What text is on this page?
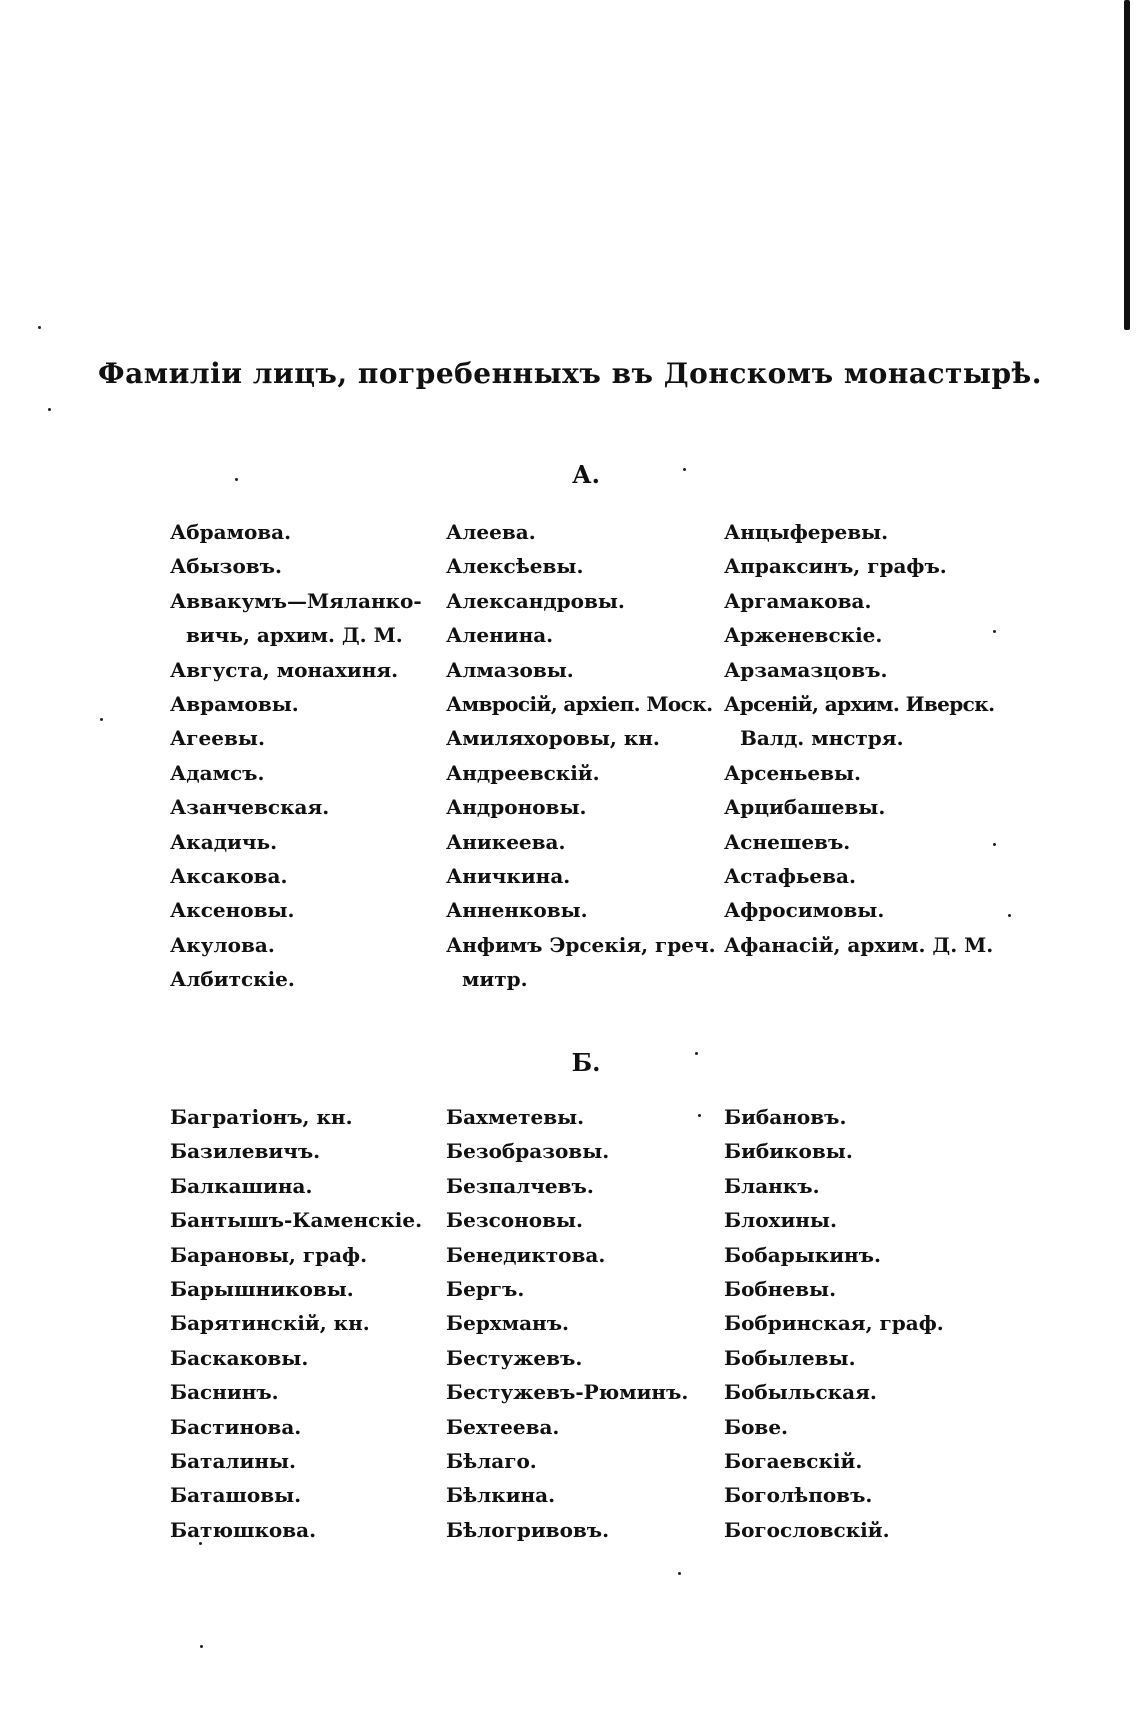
Фамиліи лицъ, погребенныхъ въ Донскомъ монастырѣ.
А.
Абрамова.
Абызовъ.
Аввакумъ—Мяланко-
вичь, архим. Д. М.
Августа, монахиня.
Аврамовы.
Агеевы.
Адамсъ.
Азанчевская.
Акадичь.
Аксакова.
Аксеновы.
Акулова.
Албитскіе.
Алеева.
Алексѣевы.
Александровы.
Аленина.
Алмазовы.
Амвросій, архіеп. Моск.
Амиляхоровы, кн.
Андреевскій.
Андроновы.
Аникеева.
Аничкина.
Анненковы.
Анфимъ Эрсекія, греч.
митр.
Анцыферевы.
Апраксинъ, графъ.
Аргамакова.
Арженевскіе.
Арзамазцовъ.
Арсеній, архим. Иверск.
Валд. мнстря.
Арсеньевы.
Арцибашевы.
Аснешевъ.
Астафьева.
Афросимовы.
Афанасій, архим. Д. М.
Б.
Багратіонъ, кн.
Базилевичъ.
Балкашина.
Бантышъ-Каменскіе.
Барановы, граф.
Барышниковы.
Барятинскій, кн.
Баскаковы.
Баснинъ.
Бастинова.
Баталины.
Баташовы.
Батюшкова.
Бахметевы.
Безобразовы.
Безпалчевъ.
Безсоновы.
Бенедиктова.
Бергъ.
Берхманъ.
Бестужевъ.
Бестужевъ-Рюминъ.
Бехтеева.
Бѣлаго.
Бѣлкина.
Бѣлогривовъ.
Бибановъ.
Бибиковы.
Бланкъ.
Блохины.
Бобарыкинъ.
Бобневы.
Бобринская, граф.
Бобылевы.
Бобыльская.
Бове.
Богаевскій.
Боголѣповъ.
Богословскій.
